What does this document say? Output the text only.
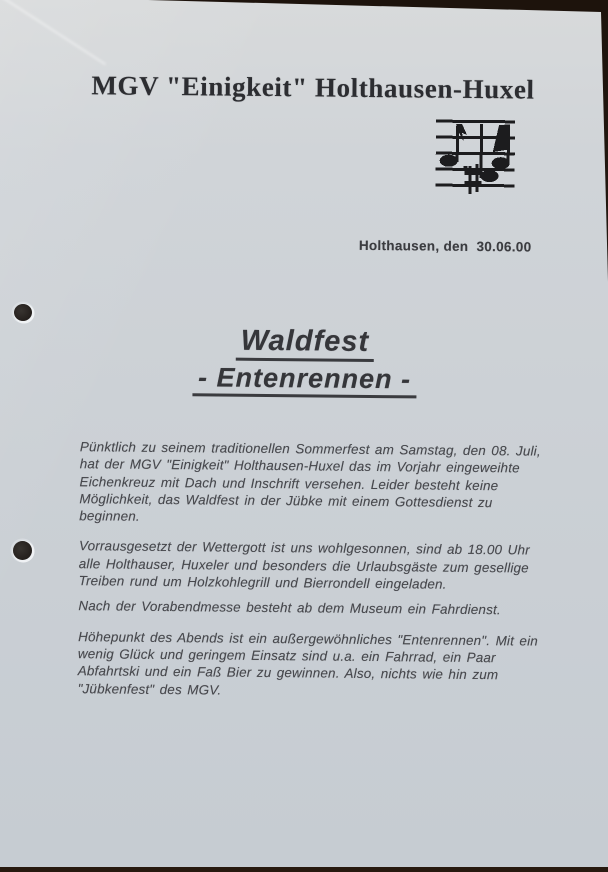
MGV "Einigkeit" Holthausen-Huxel
Holthausen, den  30.06.00
Waldfest
- Entenrennen -

Pünktlich zu seinem traditionellen Sommerfest am Samstag, den 08. Juli, hat der MGV "Einigkeit" Holthausen-Huxel das im Vorjahr eingeweihte Eichenkreuz mit Dach und Inschrift versehen. Leider besteht keine Möglichkeit, das Waldfest in der Jübke mit einem Gottesdienst zu beginnen.

Vorrausgesetzt der Wettergott ist uns wohlgesonnen, sind ab 18.00 Uhr alle Holthauser, Huxeler und besonders die Urlaubsgäste zum gesellige Treiben rund um Holzkohlegrill und Bierrondell eingeladen.

Nach der Vorabendmesse besteht ab dem Museum ein Fahrdienst.

Höhepunkt des Abends ist ein außergewöhnliches "Entenrennen". Mit ein wenig Glück und geringem Einsatz sind u.a. ein Fahrrad, ein Paar Abfahrtski und ein Faß Bier zu gewinnen. Also, nichts wie hin zum "Jübkenfest" des MGV.
